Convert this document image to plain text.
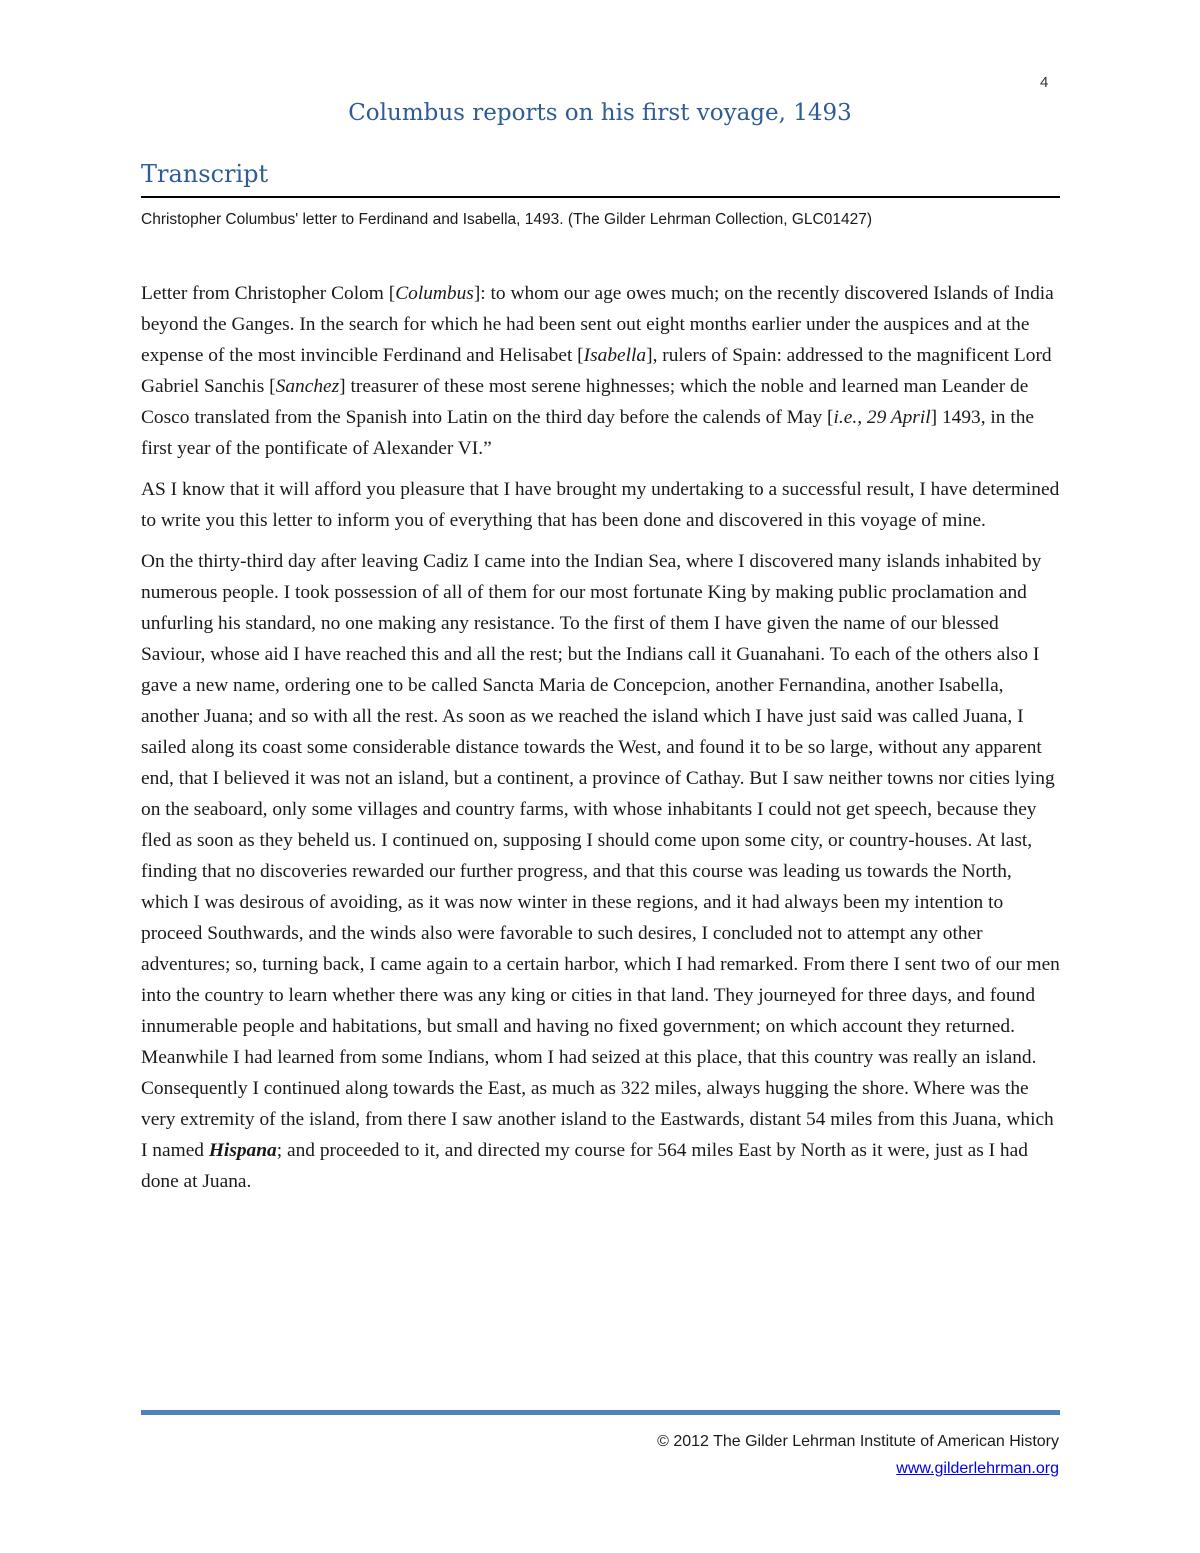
4
Columbus reports on his first voyage, 1493
Transcript
Christopher Columbus' letter to Ferdinand and Isabella, 1493. (The Gilder Lehrman Collection, GLC01427)

Letter from Christopher Colom [Columbus]: to whom our age owes much; on the recently discovered Islands of India beyond the Ganges. In the search for which he had been sent out eight months earlier under the auspices and at the expense of the most invincible Ferdinand and Helisabet [Isabella], rulers of Spain: addressed to the magnificent Lord Gabriel Sanchis [Sanchez] treasurer of these most serene highnesses; which the noble and learned man Leander de Cosco translated from the Spanish into Latin on the third day before the calends of May [i.e., 29 April] 1493, in the first year of the pontificate of Alexander VI.”

AS I know that it will afford you pleasure that I have brought my undertaking to a successful result, I have determined to write you this letter to inform you of everything that has been done and discovered in this voyage of mine.

On the thirty-third day after leaving Cadiz I came into the Indian Sea, where I discovered many islands inhabited by numerous people. I took possession of all of them for our most fortunate King by making public proclamation and unfurling his standard, no one making any resistance. To the first of them I have given the name of our blessed Saviour, whose aid I have reached this and all the rest; but the Indians call it Guanahani. To each of the others also I gave a new name, ordering one to be called Sancta Maria de Concepcion, another Fernandina, another Isabella, another Juana; and so with all the rest. As soon as we reached the island which I have just said was called Juana, I sailed along its coast some considerable distance towards the West, and found it to be so large, without any apparent end, that I believed it was not an island, but a continent, a province of Cathay. But I saw neither towns nor cities lying on the seaboard, only some villages and country farms, with whose inhabitants I could not get speech, because they fled as soon as they beheld us. I continued on, supposing I should come upon some city, or country-houses. At last, finding that no discoveries rewarded our further progress, and that this course was leading us towards the North, which I was desirous of avoiding, as it was now winter in these regions, and it had always been my intention to proceed Southwards, and the winds also were favorable to such desires, I concluded not to attempt any other adventures; so, turning back, I came again to a certain harbor, which I had remarked. From there I sent two of our men into the country to learn whether there was any king or cities in that land. They journeyed for three days, and found innumerable people and habitations, but small and having no fixed government; on which account they returned. Meanwhile I had learned from some Indians, whom I had seized at this place, that this country was really an island. Consequently I continued along towards the East, as much as 322 miles, always hugging the shore. Where was the very extremity of the island, from there I saw another island to the Eastwards, distant 54 miles from this Juana, which I named Hispana; and proceeded to it, and directed my course for 564 miles East by North as it were, just as I had done at Juana.

© 2012 The Gilder Lehrman Institute of American History
www.gilderlehrman.org
